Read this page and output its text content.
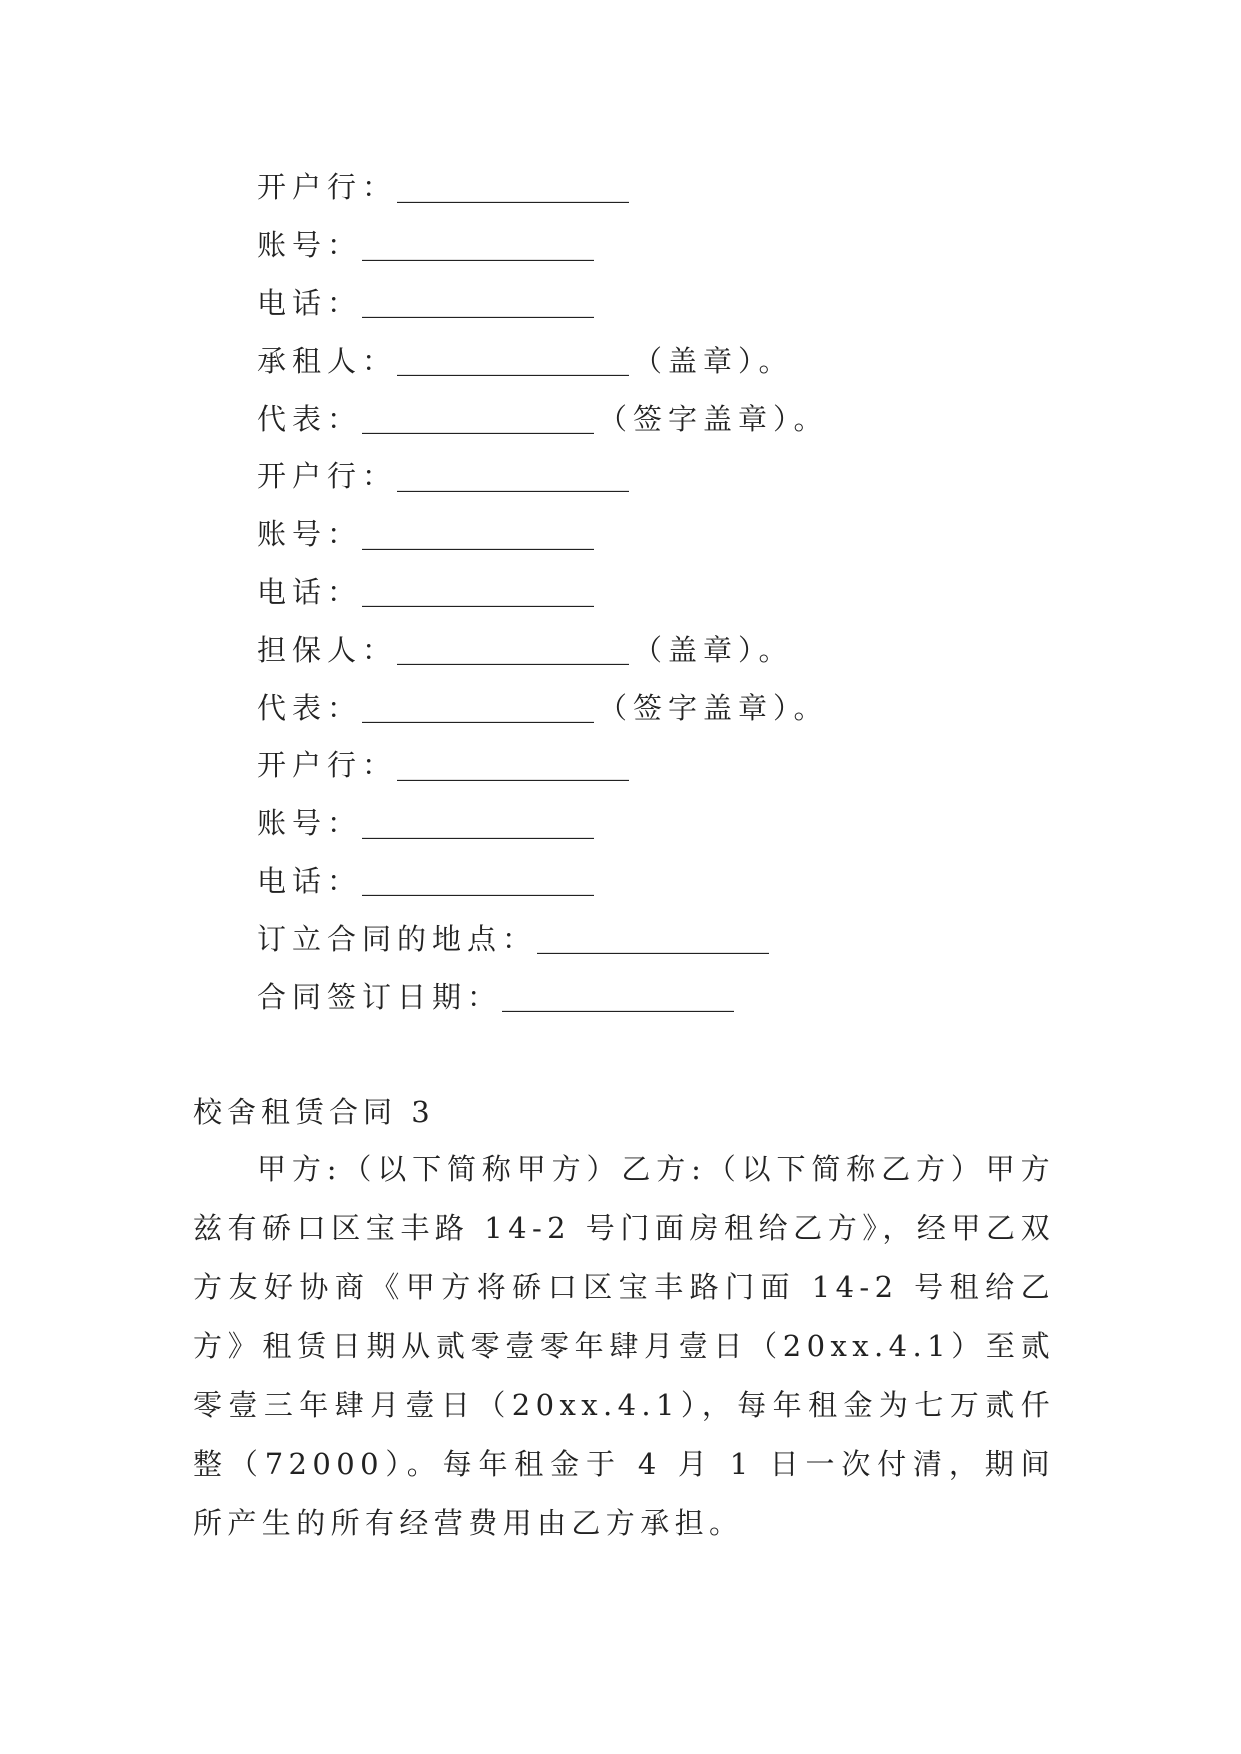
开户行： ________________
账号： ________________
电话： ________________
承租人： ________________ （盖章）。
代表： ________________ （签字盖章）。
开户行： ________________
账号： ________________
电话： ________________
担保人： ________________ （盖章）。
代表： ________________ （签字盖章）。
开户行： ________________
账号： ________________
电话： ________________
订立合同的地点： ________________
合同签订日期： ________________
校舍租赁合同 3

甲方:（以下简称甲方）乙方:（以下简称乙方）甲方兹有硚口区宝丰路 14-2 号门面房租给乙方》，经甲乙双方友好协商《甲方将硚口区宝丰路门面 14-2 号租给乙方》租赁日期从贰零壹零年肆月壹日（20xx.4.1）至贰零壹三年肆月壹日（20xx.4.1），每年租金为七万贰仟整（72000）。每年租金于 4 月 1 日一次付清，期间所产生的所有经营费用由乙方承担。
